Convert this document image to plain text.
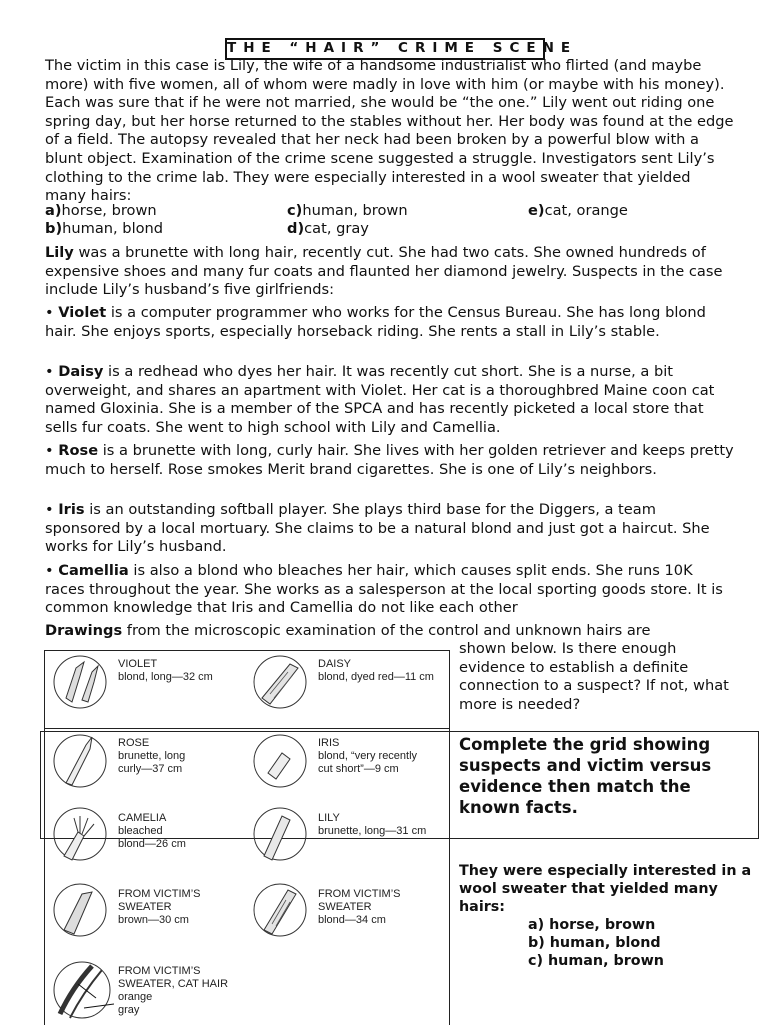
THE “HAIR” CRIME SCENE

The victim in this case is Lily, the wife of a handsome industrialist who flirted (and maybe more) with five women, all of whom were madly in love with him (or maybe with his money). Each was sure that if he were not married, she would be “the one.” Lily went out riding one spring day, but her horse returned to the stables without her. Her body was found at the edge of a field. The autopsy revealed that her neck had been broken by a powerful blow with a blunt object. Examination of the crime scene suggested a struggle. Investigators sent Lily’s clothing to the crime lab. They were especially interested in a wool sweater that yielded many hairs:

a)horse, brown	c)human, brown	e)cat, orange
b)human, blond	d)cat, gray

Lily was a brunette with long hair, recently cut. She had two cats. She owned hundreds of expensive shoes and many fur coats and flaunted her diamond jewelry. Suspects in the case include Lily’s husband’s five girlfriends:

• Violet is a computer programmer who works for the Census Bureau. She has long blond hair. She enjoys sports, especially horseback riding. She rents a stall in Lily’s stable.

• Daisy is a redhead who dyes her hair. It was recently cut short. She is a nurse, a bit overweight, and shares an apartment with Violet. Her cat is a thoroughbred Maine coon cat named Gloxinia. She is a member of the SPCA and has recently picketed a local store that sells fur coats. She went to high school with Lily and Camellia.

• Rose is a brunette with long, curly hair. She lives with her golden retriever and keeps pretty much to herself. Rose smokes Merit brand cigarettes. She is one of Lily’s neighbors.

• Iris is an outstanding softball player. She plays third base for the Diggers, a team sponsored by a local mortuary. She claims to be a natural blond and just got a haircut. She works for Lily’s husband.

• Camellia is also a blond who bleaches her hair, which causes split ends. She runs 10K races throughout the year. She works as a salesperson at the local sporting goods store. It is common knowledge that Iris and Camellia do not like each other

Drawings from the microscopic examination of the control and unknown hairs are

shown below. Is there enough evidence to establish a definite connection to a suspect? If not, what more is needed?

Complete the grid showing suspects and victim versus evidence then match the known facts.

They were especially interested in a wool sweater that yielded many hairs:
a) horse, brown
b) human, blond
c) human, brown
VIOLET
blond, long—32 cm
DAISY
blond, dyed red—11 cm
ROSE
brunette, long
curly—37 cm
IRIS
blond, “very recently
cut short”—9 cm
CAMELIA
bleached
blond—26 cm
LILY
brunette, long—31 cm
FROM VICTIM’S
SWEATER
brown—30 cm
FROM VICTIM’S
SWEATER
blond—34 cm
FROM VICTIM’S
SWEATER, CAT HAIR
orange
gray
